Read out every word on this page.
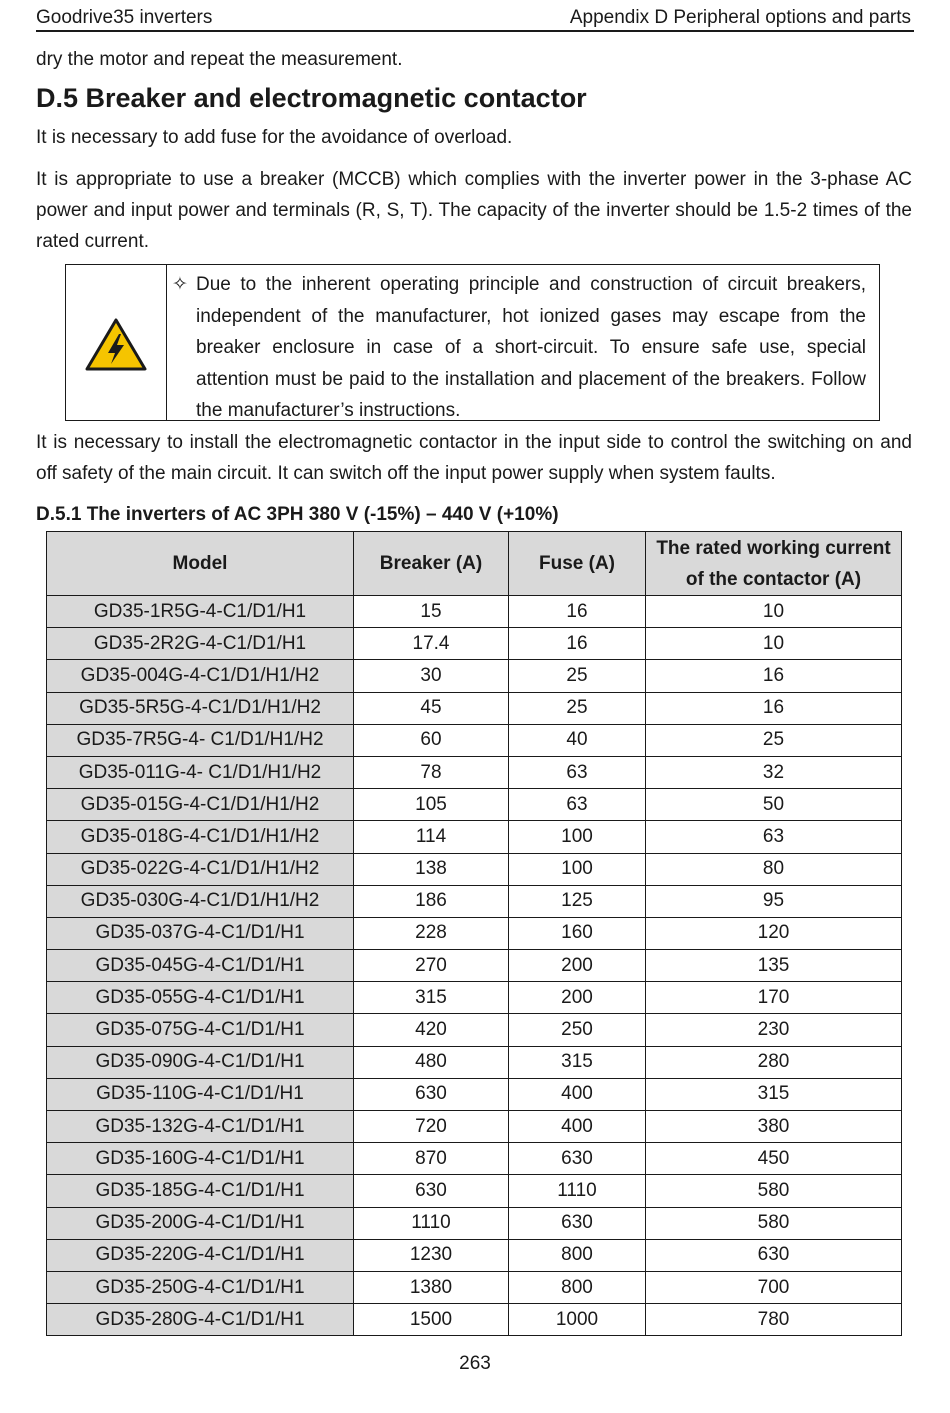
Goodrive35 inverters	Appendix D Peripheral options and parts
dry the motor and repeat the measurement.
D.5 Breaker and electromagnetic contactor
It is necessary to add fuse for the avoidance of overload.
It is appropriate to use a breaker (MCCB) which complies with the inverter power in the 3-phase AC power and input power and terminals (R, S, T). The capacity of the inverter should be 1.5-2 times of the rated current.
✧ Due to the inherent operating principle and construction of circuit breakers, independent of the manufacturer, hot ionized gases may escape from the breaker enclosure in case of a short-circuit. To ensure safe use, special attention must be paid to the installation and placement of the breakers. Follow the manufacturer’s instructions.
It is necessary to install the electromagnetic contactor in the input side to control the switching on and off safety of the main circuit. It can switch off the input power supply when system faults.
D.5.1 The inverters of AC 3PH 380 V (-15%) – 440 V (+10%)
Model	Breaker (A)	Fuse (A)	The rated working current
of the contactor (A)
GD35-1R5G-4-C1/D1/H1	15	16	10
GD35-2R2G-4-C1/D1/H1	17.4	16	10
GD35-004G-4-C1/D1/H1/H2	30	25	16
GD35-5R5G-4-C1/D1/H1/H2	45	25	16
GD35-7R5G-4- C1/D1/H1/H2	60	40	25
GD35-011G-4- C1/D1/H1/H2	78	63	32
GD35-015G-4-C1/D1/H1/H2	105	63	50
GD35-018G-4-C1/D1/H1/H2	114	100	63
GD35-022G-4-C1/D1/H1/H2	138	100	80
GD35-030G-4-C1/D1/H1/H2	186	125	95
GD35-037G-4-C1/D1/H1	228	160	120
GD35-045G-4-C1/D1/H1	270	200	135
GD35-055G-4-C1/D1/H1	315	200	170
GD35-075G-4-C1/D1/H1	420	250	230
GD35-090G-4-C1/D1/H1	480	315	280
GD35-110G-4-C1/D1/H1	630	400	315
GD35-132G-4-C1/D1/H1	720	400	380
GD35-160G-4-C1/D1/H1	870	630	450
GD35-185G-4-C1/D1/H1	630	1110	580
GD35-200G-4-C1/D1/H1	1110	630	580
GD35-220G-4-C1/D1/H1	1230	800	630
GD35-250G-4-C1/D1/H1	1380	800	700
GD35-280G-4-C1/D1/H1	1500	1000	780
263
